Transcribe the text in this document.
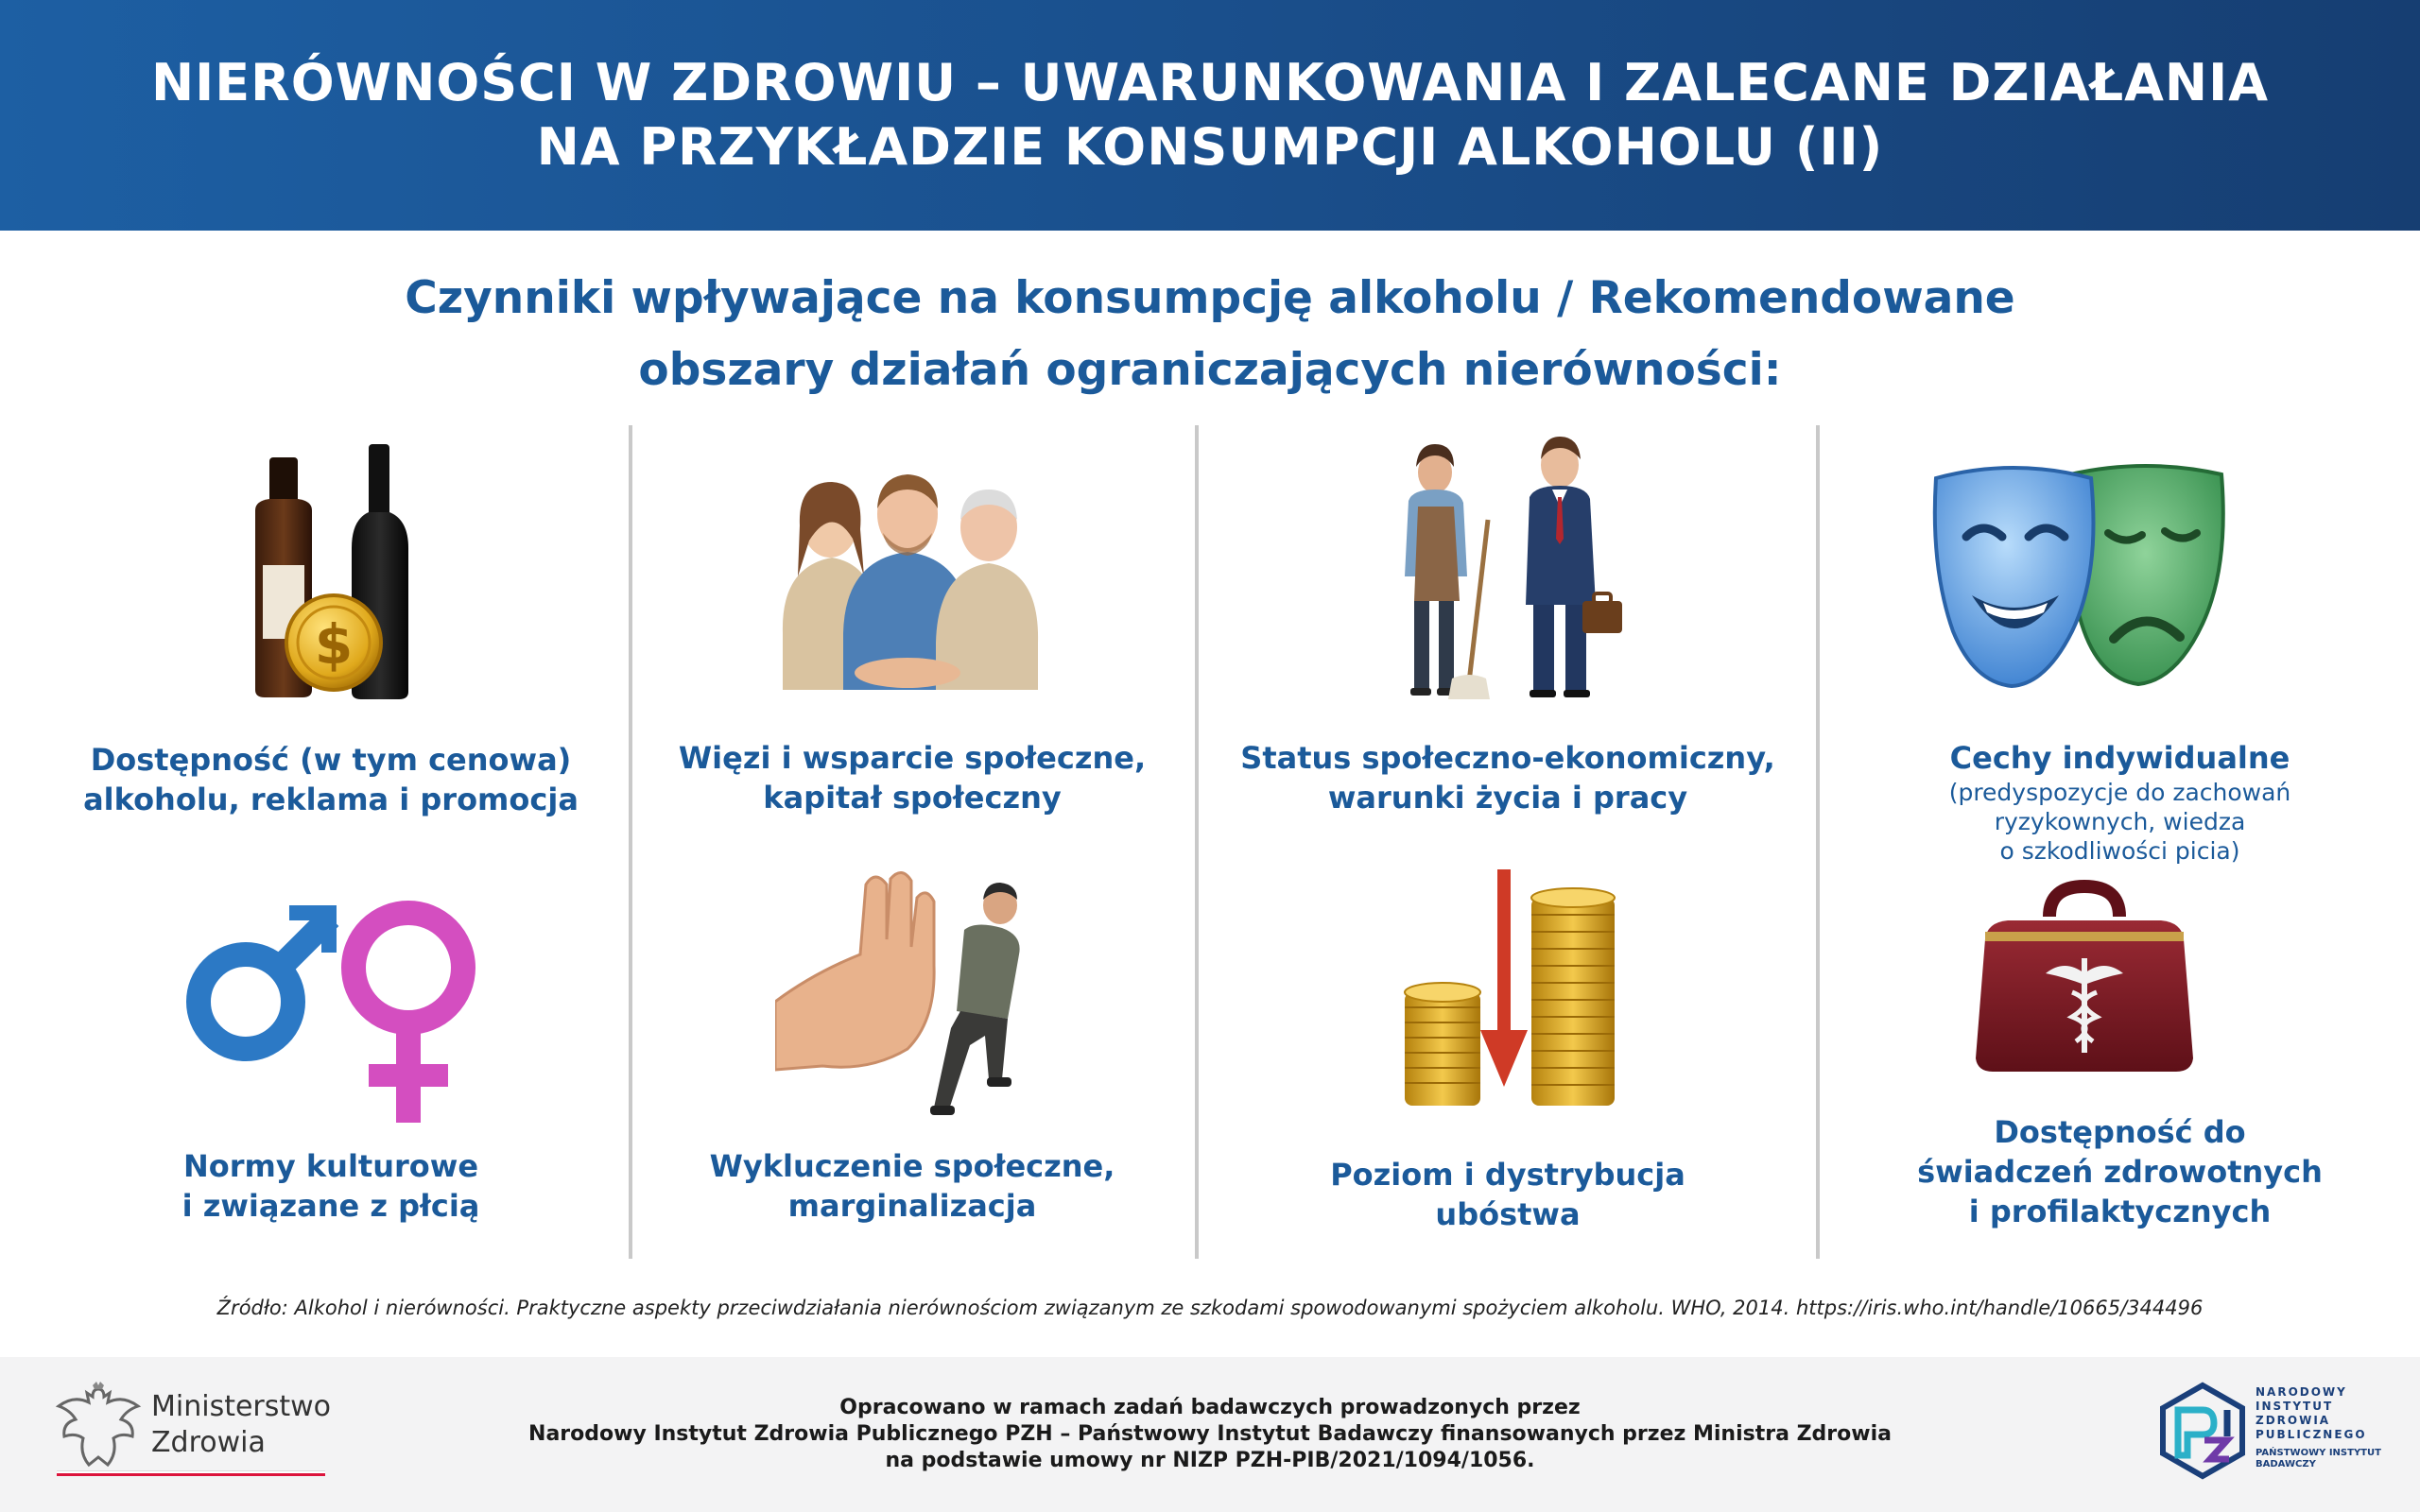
NIERÓWNOŚCI W ZDROWIU – UWARUNKOWANIA I ZALECANE DZIAŁANIA
NA PRZYKŁADZIE KONSUMPCJI ALKOHOLU (II)
Czynniki wpływające na konsumpcję alkoholu / Rekomendowane
obszary działań ograniczających nierówności:
$
Dostępność (w tym cenowa)
alkoholu, reklama i promocja
Więzi i wsparcie społeczne,
kapitał społeczny
Status społeczno-ekonomiczny,
warunki życia i pracy
Cechy indywidualne
(predyspozycje do zachowań
ryzykownych, wiedza
o szkodliwości picia)
Normy kulturowe
i związane z płcią
Wykluczenie społeczne,
marginalizacja
Poziom i dystrybucja
ubóstwa
Dostępność do
świadczeń zdrowotnych
i profilaktycznych
Źródło: Alkohol i nierówności. Praktyczne aspekty przeciwdziałania nierównościom związanym ze szkodami spowodowanymi spożyciem alkoholu. WHO, 2014. https://iris.who.int/handle/10665/344496
Ministerstwo
Zdrowia
Opracowano w ramach zadań badawczych prowadzonych przez
Narodowy Instytut Zdrowia Publicznego PZH – Państwowy Instytut Badawczy finansowanych przez Ministra Zdrowia
na podstawie umowy nr NIZP PZH-PIB/2021/1094/1056.
NARODOWY
INSTYTUT
ZDROWIA
PUBLICZNEGO
PAŃSTWOWY INSTYTUT
BADAWCZY
